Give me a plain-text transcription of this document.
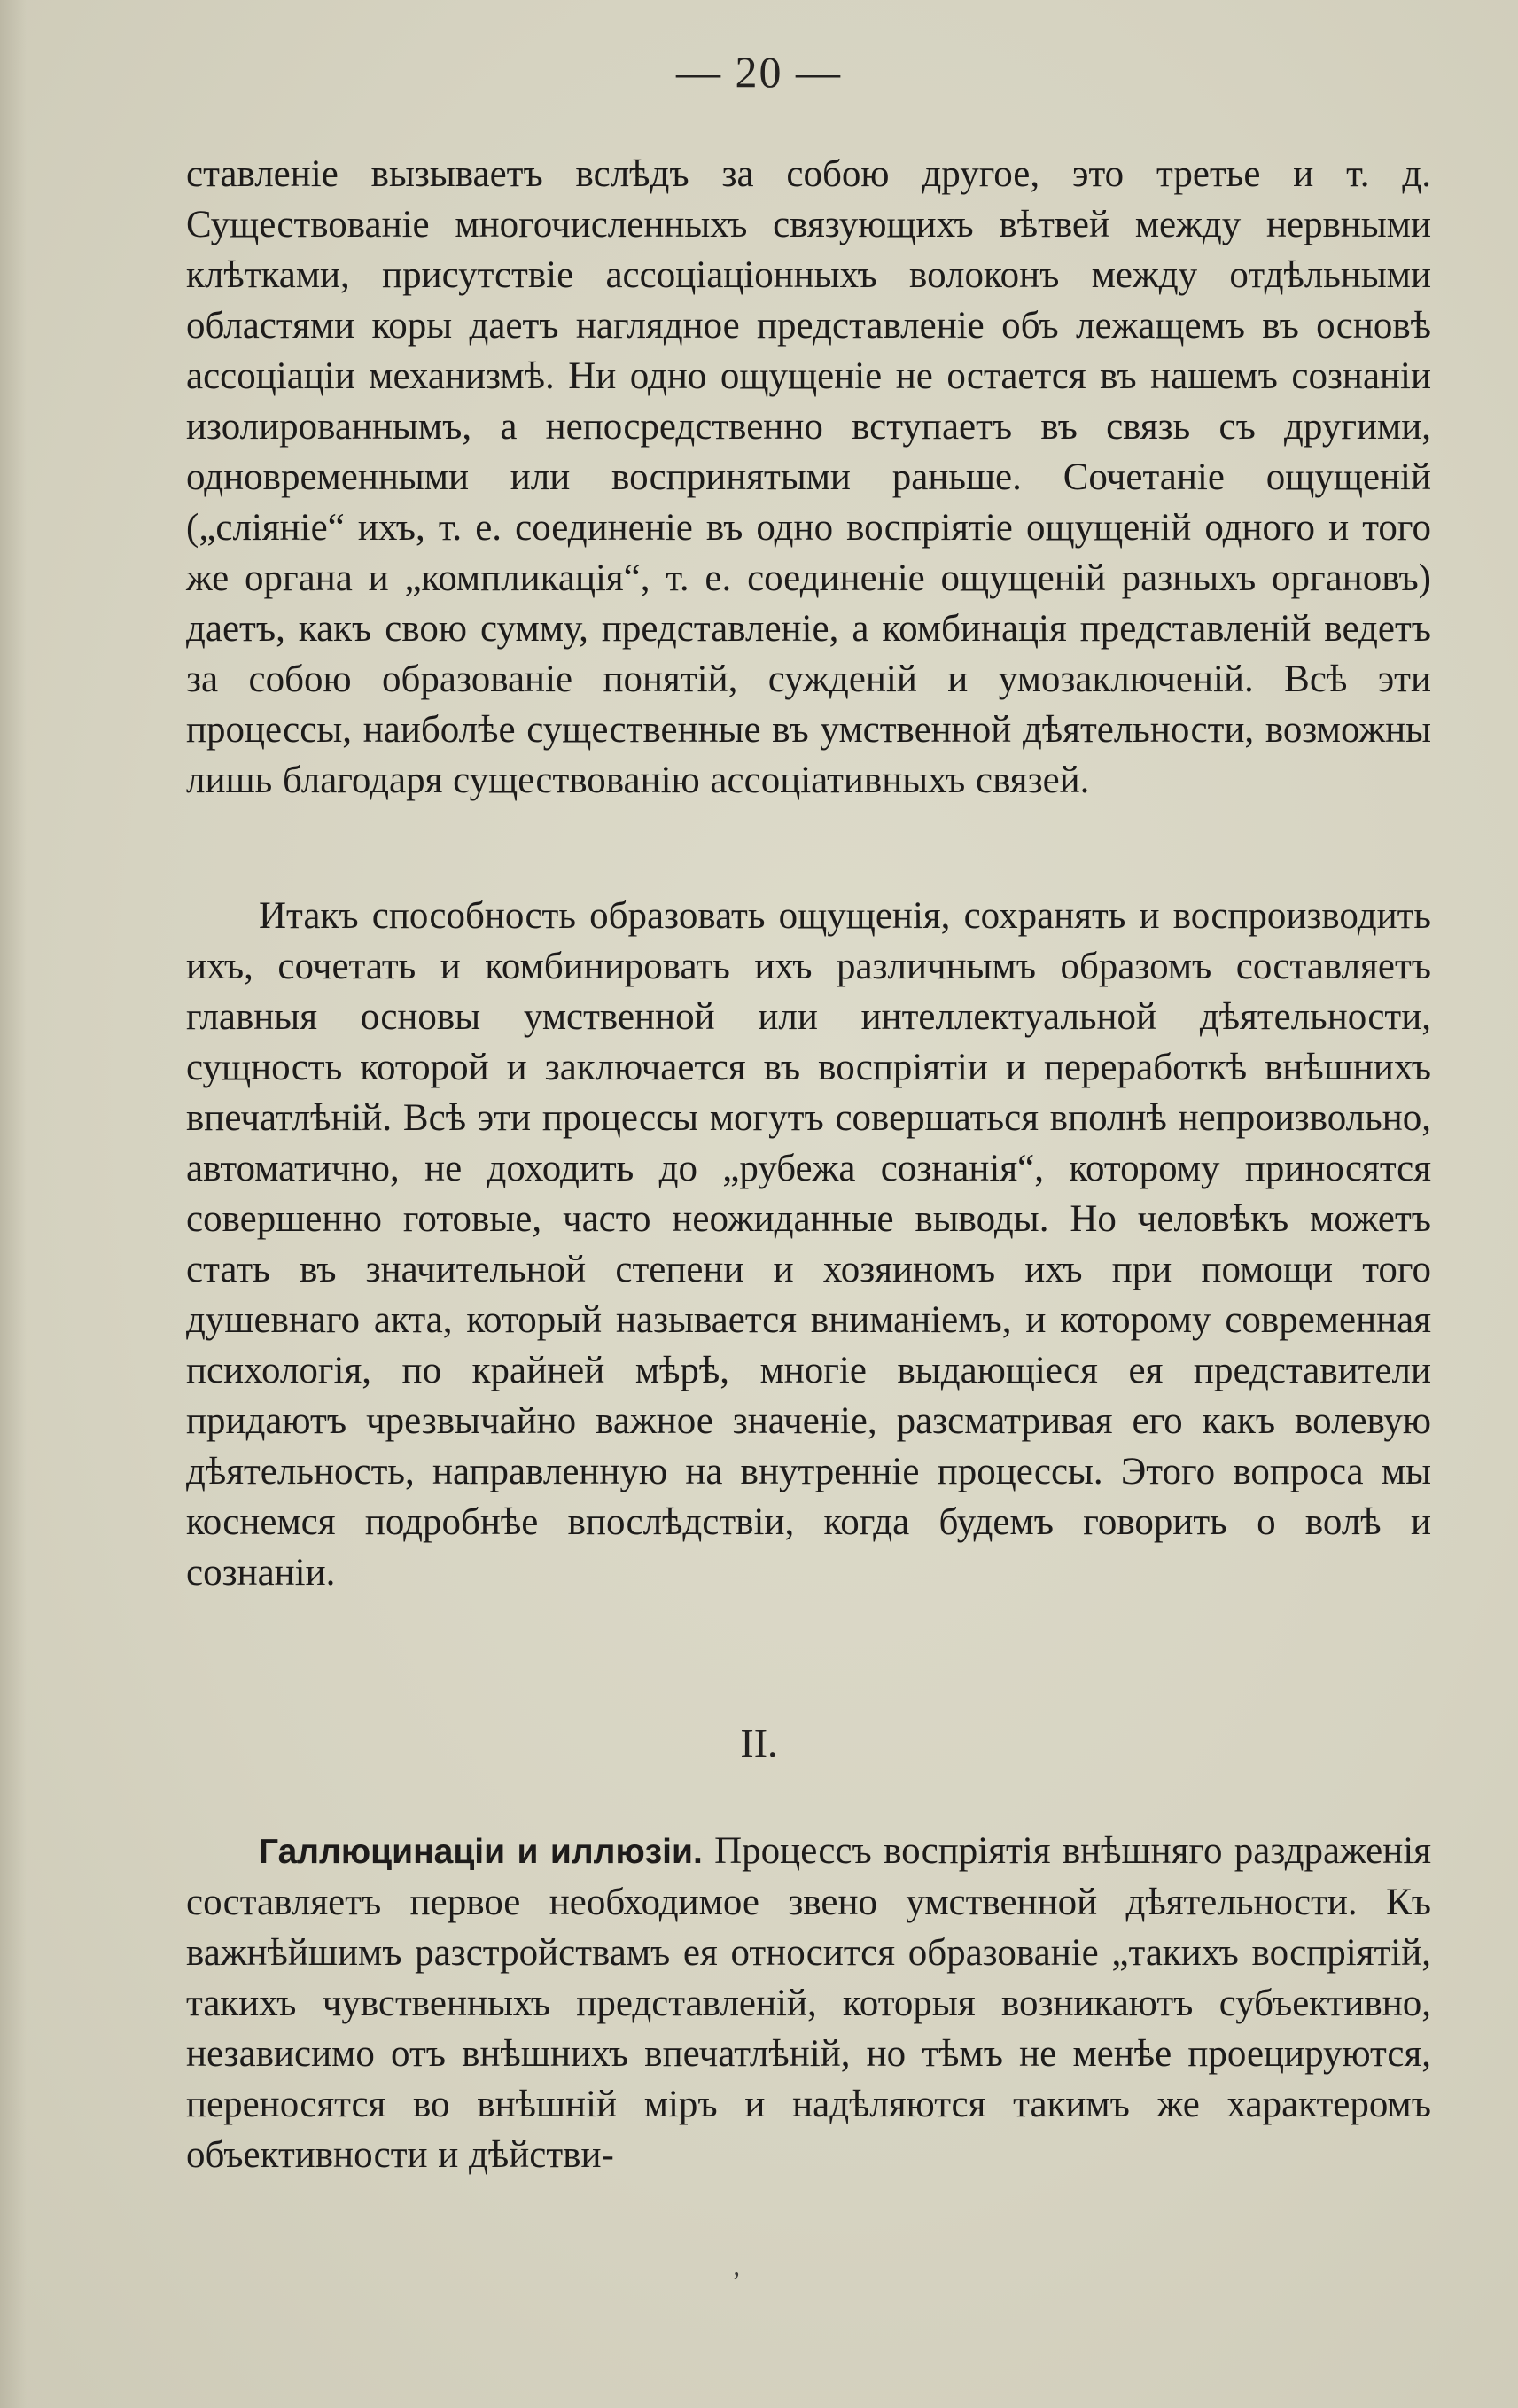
— 20 —

ставленіе вызываетъ вслѣдъ за собою другое, это третье и т. д. Существованіе многочисленныхъ связующихъ вѣтвей между нервными клѣтками, присутствіе ассоціаціонныхъ волоконъ между отдѣльными областями коры даетъ наглядное представленіе объ лежащемъ въ основѣ ассоціаціи механизмѣ. Ни одно ощущеніе не остается въ нашемъ сознаніи изолированнымъ, а непосредственно вступаетъ въ связь съ другими, одновременными или воспринятыми раньше. Сочетаніе ощущеній („сліяніе“ ихъ, т. е. соединеніе въ одно воспріятіе ощущеній одного и того же органа и „компликація“, т. е. соединеніе ощущеній разныхъ органовъ) даетъ, какъ свою сумму, представленіе, а комбинація представленій ведетъ за собою образованіе понятій, сужденій и умозаключеній. Всѣ эти процессы, наиболѣе существенные въ умственной дѣятельности, возможны лишь благодаря существованію ассоціативныхъ связей.

Итакъ способность образовать ощущенія, сохранять и воспроизводить ихъ, сочетать и комбинировать ихъ различнымъ образомъ составляетъ главныя основы умственной или интеллектуальной дѣятельности, сущность которой и заключается въ воспріятіи и переработкѣ внѣшнихъ впечатлѣній. Всѣ эти процессы могутъ совершаться вполнѣ непроизвольно, автоматично, не доходить до „рубежа сознанія“, которому приносятся совершенно готовые, часто неожиданные выводы. Но человѣкъ можетъ стать въ значительной степени и хозяиномъ ихъ при помощи того душевнаго акта, который называется вниманіемъ, и которому современная психологія, по крайней мѣрѣ, многіе выдающіеся ея представители придаютъ чрезвычайно важное значеніе, разсматривая его какъ волевую дѣятельность, направленную на внутренніе процессы. Этого вопроса мы коснемся подробнѣе впослѣдствіи, когда будемъ говорить о волѣ и сознаніи.

II.

Галлюцинаціи и иллюзіи. Процессъ воспріятія внѣшняго раздраженія составляетъ первое необходимое звено умственной дѣятельности. Къ важнѣйшимъ разстройствамъ ея относится образованіе „такихъ воспріятій, такихъ чувственныхъ представленій, которыя возникаютъ субъективно, независимо отъ внѣшнихъ впечатлѣній, но тѣмъ не менѣе проецируются, переносятся во внѣшній міръ и надѣляются такимъ же характеромъ объективности и дѣйстви-

ʼ
